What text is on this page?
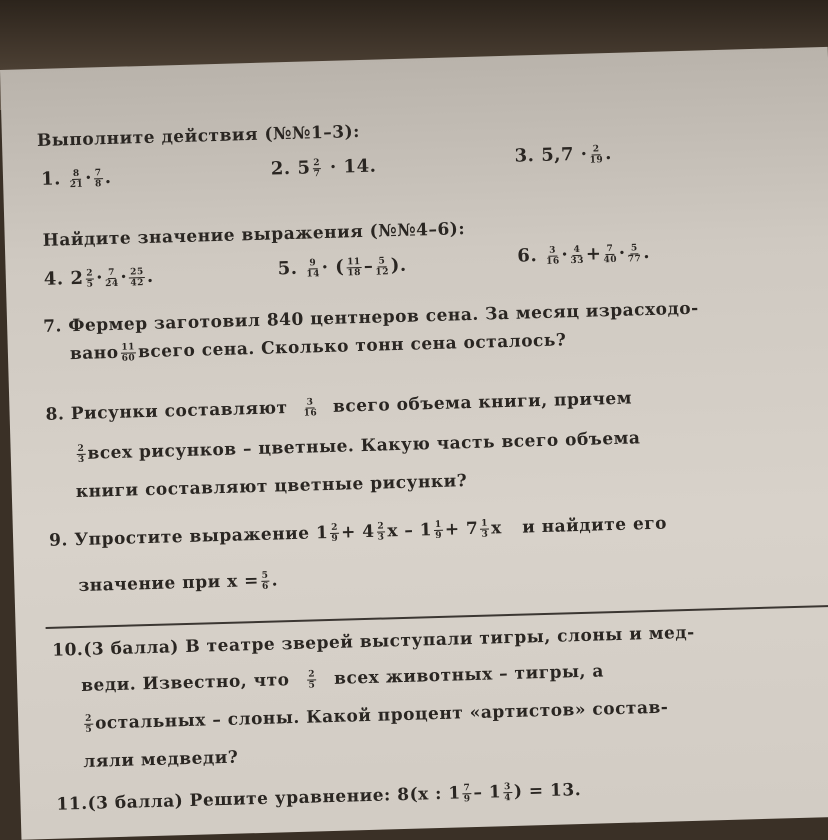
Выполните действия (№№1–3):
1. $\frac{8}{21} \cdot \frac{7}{8}$ .	2. $5 \frac{2}{7} \cdot 14$.	3. $5,7 \cdot \frac{2}{19}$ .
Найдите значение выражения (№№4–6):
4. $2 \frac{2}{5} \cdot \frac{7}{24} \cdot \frac{25}{42}$ .	5. $\frac{9}{14}$ · ( $\frac{11}{18} - \frac{5}{12}$ ).	6. $\frac{3}{16} \cdot \frac{4}{33} + \frac{7}{40} \cdot \frac{5}{77}$ .
7. Фермер заготовил 840 центнеров сена. За месяц израсходо-
вано $\frac{11}{60}$ всего сена. Сколько тонн сена осталось?
8. Рисунки составляют $\frac{3}{16}$ всего объема книги, причем
$\frac{2}{3}$ всех рисунков – цветные. Какую часть всего объема
книги составляют цветные рисунки?
9. Упростите выражение $1 \frac{2}{9} + 4 \frac{2}{3}$ $x - 1 \frac{1}{9} + 7 \frac{1}{3}$ x и найдите его
значение при $x = \frac{5}{6}$ .
10.(3 балла) В театре зверей выступали тигры, слоны и мед-
веди. Известно, что $\frac{2}{5}$ всех животных – тигры, а
$\frac{2}{5}$ остальных – слоны. Какой процент «артистов» состав-
ляли медведи?
11.(3 балла) Решите уравнение: 8(x : $1 \frac{7}{9} - 1 \frac{3}{4}$ ) = 13.
